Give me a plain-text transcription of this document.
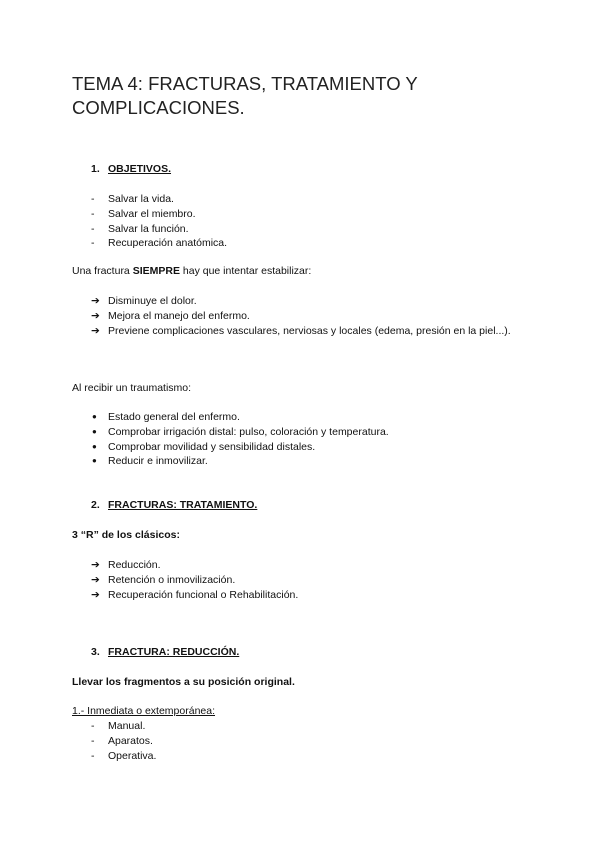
TEMA 4: FRACTURAS, TRATAMIENTO Y COMPLICACIONES.
1. OBJETIVOS.
- Salvar la vida.
- Salvar el miembro.
- Salvar la función.
- Recuperación anatómica.
Una fractura SIEMPRE hay que intentar estabilizar:
➔ Disminuye el dolor.
➔ Mejora el manejo del enfermo.
➔ Previene complicaciones vasculares, nerviosas y locales (edema, presión en la piel...).
Al recibir un traumatismo:
● Estado general del enfermo.
● Comprobar irrigación distal: pulso, coloración y temperatura.
● Comprobar movilidad y sensibilidad distales.
● Reducir e inmovilizar.
2. FRACTURAS: TRATAMIENTO.
3 “R” de los clásicos:
➔ Reducción.
➔ Retención o inmovilización.
➔ Recuperación funcional o Rehabilitación.
3. FRACTURA: REDUCCIÓN.
Llevar los fragmentos a su posición original.
1.- Inmediata o extemporánea:
- Manual.
- Aparatos.
- Operativa.
